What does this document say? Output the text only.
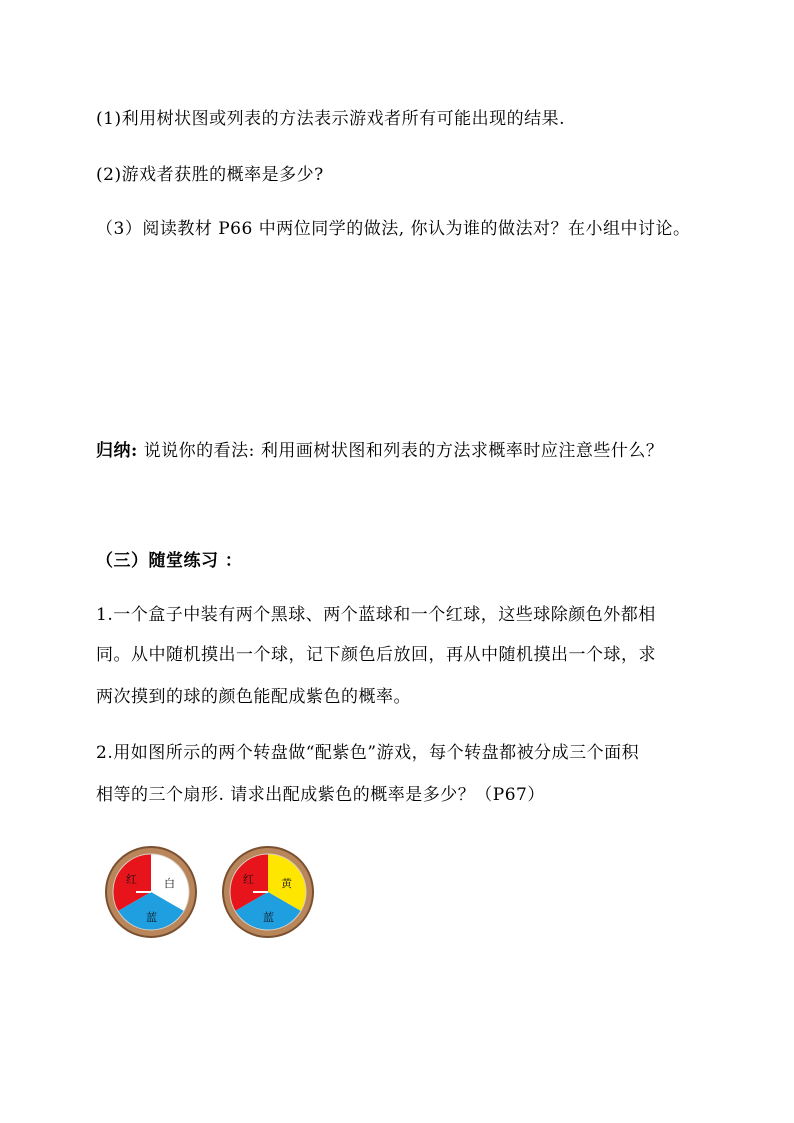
(1)利用树状图或列表的方法表示游戏者所有可能出现的结果.
(2)游戏者获胜的概率是多少?
（3）阅读教材 P66 中两位同学的做法, 你认为谁的做法对？在小组中讨论。
归纳: 说说你的看法: 利用画树状图和列表的方法求概率时应注意些什么？
（三）随堂练习 ：
1.一个盒子中装有两个黑球、两个蓝球和一个红球，这些球除颜色外都相
同。从中随机摸出一个球，记下颜色后放回，再从中随机摸出一个球，求
两次摸到的球的颜色能配成紫色的概率。
2.用如图所示的两个转盘做“配紫色”游戏，每个转盘都被分成三个面积
相等的三个扇形. 请求出配成紫色的概率是多少？（P67）
红 白
蓝
红 黄
蓝
